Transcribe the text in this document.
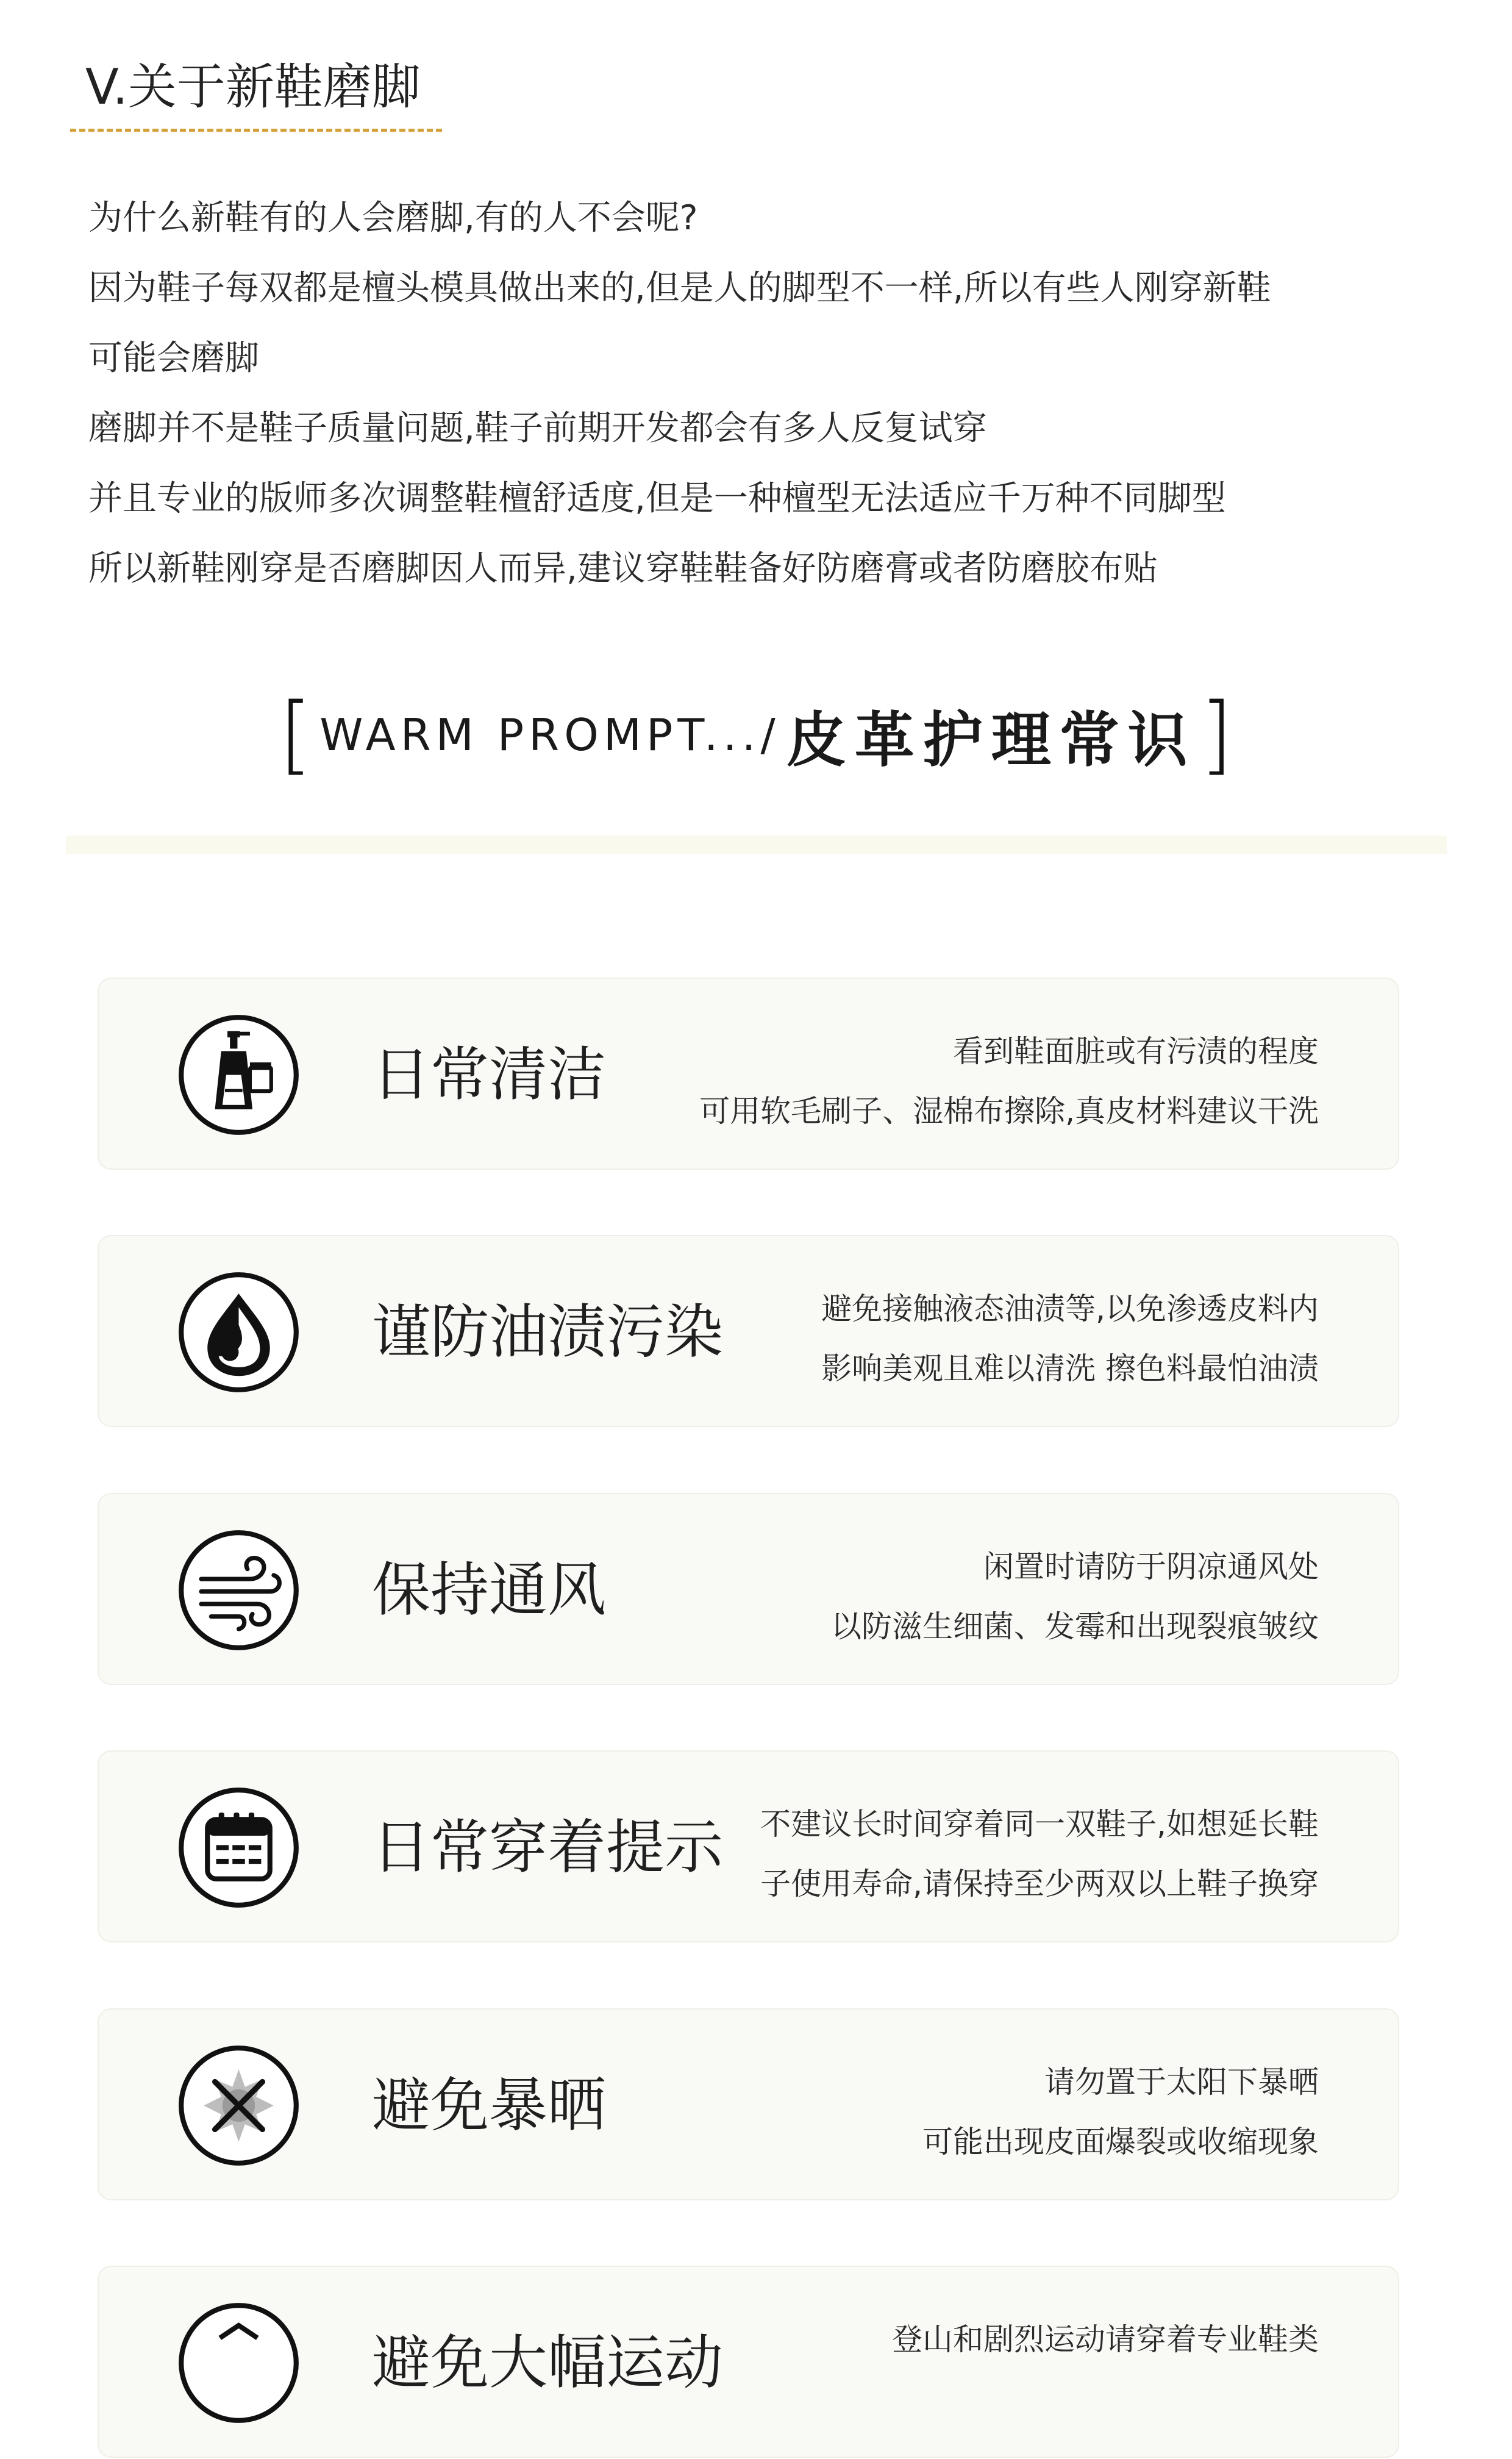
V.关于新鞋磨脚

为什么新鞋有的人会磨脚,有的人不会呢?

因为鞋子每双都是檀头模具做出来的,但是人的脚型不一样,所以有些人刚穿新鞋

可能会磨脚

磨脚并不是鞋子质量问题,鞋子前期开发都会有多人反复试穿

并且专业的版师多次调整鞋檀舒适度,但是一种檀型无法适应千万种不同脚型

所以新鞋刚穿是否磨脚因人而异,建议穿鞋鞋备好防磨膏或者防磨胶布贴

[ WARM PROMPT.../ 皮革护理常识 ]
日常清洁	看到鞋面脏或有污渍的程度
可用软毛刷子、湿棉布擦除,真皮材料建议干洗
谨防油渍污染	避免接触液态油渍等,以免渗透皮料内
影响美观且难以清洗 擦色料最怕油渍
保持通风	闲置时请防于阴凉通风处
以防滋生细菌、发霉和出现裂痕皱纹
日常穿着提示 不建议长时间穿着同一双鞋子,如想延长鞋
子使用寿命,请保持至少两双以上鞋子换穿
避免暴晒	请勿置于太阳下暴晒
可能出现皮面爆裂或收缩现象
避免大幅运动	登山和剧烈运动请穿着专业鞋类
